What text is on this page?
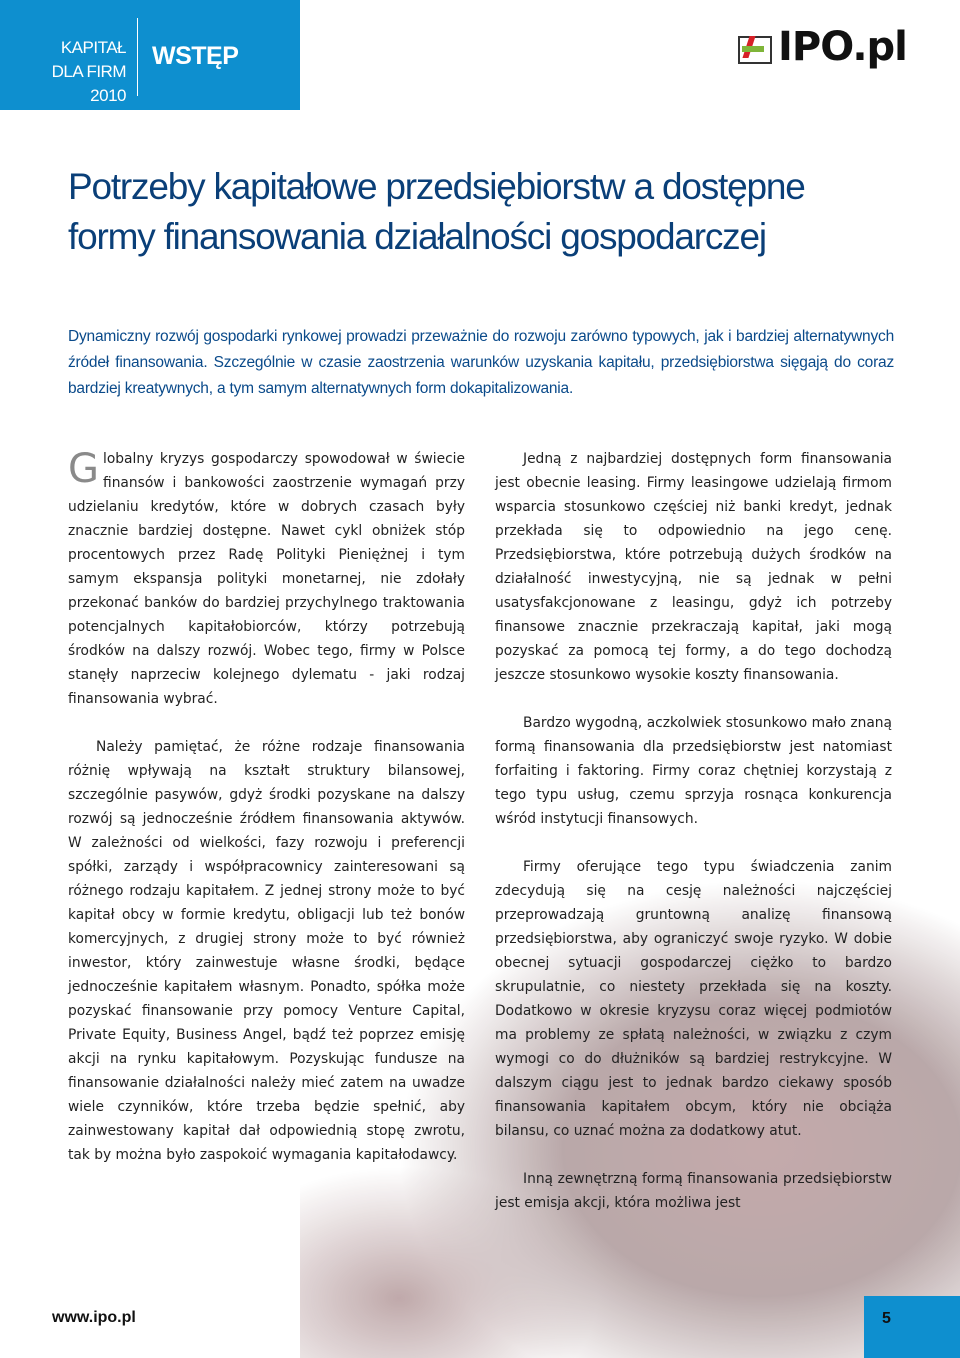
KAPITAŁ
DLA FIRM 2010
WSTĘP	IPO.pl
Potrzeby kapitałowe przedsiębiorstw a dostępne
formy finansowania działalności gospodarczej

Dynamiczny rozwój gospodarki rynkowej prowadzi przeważnie do rozwoju zarówno typowych, jak i bardziej alternatywnych źródeł finansowania. Szczególnie w czasie zaostrzenia warunków uzyskania kapitału, przedsiębiorstwa sięgają do coraz bardziej kreatywnych, a tym samym alternatywnych form dokapitalizowania.

Globalny kryzys gospodarczy spowodował w świecie finansów i bankowości zaostrzenie wymagań przy udzielaniu kredytów, które w dobrych czasach były znacznie bardziej dostępne. Nawet cykl obniżek stóp procentowych przez Radę Polityki Pieniężnej i tym samym ekspansja polityki monetarnej, nie zdołały przekonać banków do bardziej przychylnego traktowania potencjalnych kapitałobiorców, którzy potrzebują środków na dalszy rozwój. Wobec tego, firmy w Polsce stanęły naprzeciw kolejnego dylematu - jaki rodzaj finansowania wybrać.

Należy pamiętać, że różne rodzaje finansowania różnię wpływają na kształt struktury bilansowej, szczególnie pasywów, gdyż środki pozyskane na dalszy rozwój są jednocześnie źródłem finansowania aktywów. W zależności od wielkości, fazy rozwoju i preferencji spółki, zarządy i współpracownicy zainteresowani są różnego rodzaju kapitałem. Z jednej strony może to być kapitał obcy w formie kredytu, obligacji lub też bonów komercyjnych, z drugiej strony może to być również inwestor, który zainwestuje własne środki, będące jednocześnie kapitałem własnym. Ponadto, spółka może pozyskać finansowanie przy pomocy Venture Capital, Private Equity, Business Angel, bądź też poprzez emisję akcji na rynku kapitałowym. Pozyskując fundusze na finansowanie działalności należy mieć zatem na uwadze wiele czynników, które trzeba będzie spełnić, aby zainwestowany kapitał dał odpowiednią stopę zwrotu, tak by można było zaspokoić wymagania kapitałodawcy.

Jedną z najbardziej dostępnych form finansowania jest obecnie leasing. Firmy leasingowe udzielają firmom wsparcia stosunkowo częściej niż banki kredyt, jednak przekłada się to odpowiednio na jego cenę. Przedsiębiorstwa, które potrzebują dużych środków na działalność inwestycyjną, nie są jednak w pełni usatysfakcjonowane z leasingu, gdyż ich potrzeby finansowe znacznie przekraczają kapitał, jaki mogą pozyskać za pomocą tej formy, a do tego dochodzą jeszcze stosunkowo wysokie koszty finansowania.

Bardzo wygodną, aczkolwiek stosunkowo mało znaną formą finansowania dla przedsiębiorstw jest natomiast forfaiting i faktoring. Firmy coraz chętniej korzystają z tego typu usług, czemu sprzyja rosnąca konkurencja wśród instytucji finansowych.

Firmy oferujące tego typu świadczenia zanim zdecydują się na cesję należności najczęściej przeprowadzają gruntowną analizę finansową przedsiębiorstwa, aby ograniczyć swoje ryzyko. W dobie obecnej sytuacji gospodarczej ciężko to bardzo skrupulatnie, co niestety przekłada się na koszty. Dodatkowo w okresie kryzysu coraz więcej podmiotów ma problemy ze spłatą należności, w związku z czym wymogi co do dłużników są bardziej restrykcyjne. W dalszym ciągu jest to jednak bardzo ciekawy sposób finansowania kapitałem obcym, który nie obciąża bilansu, co uznać można za dodatkowy atut.

Inną zewnętrzną formą finansowania przedsiębiorstw jest emisja akcji, która możliwa jest

www.ipo.pl	5
